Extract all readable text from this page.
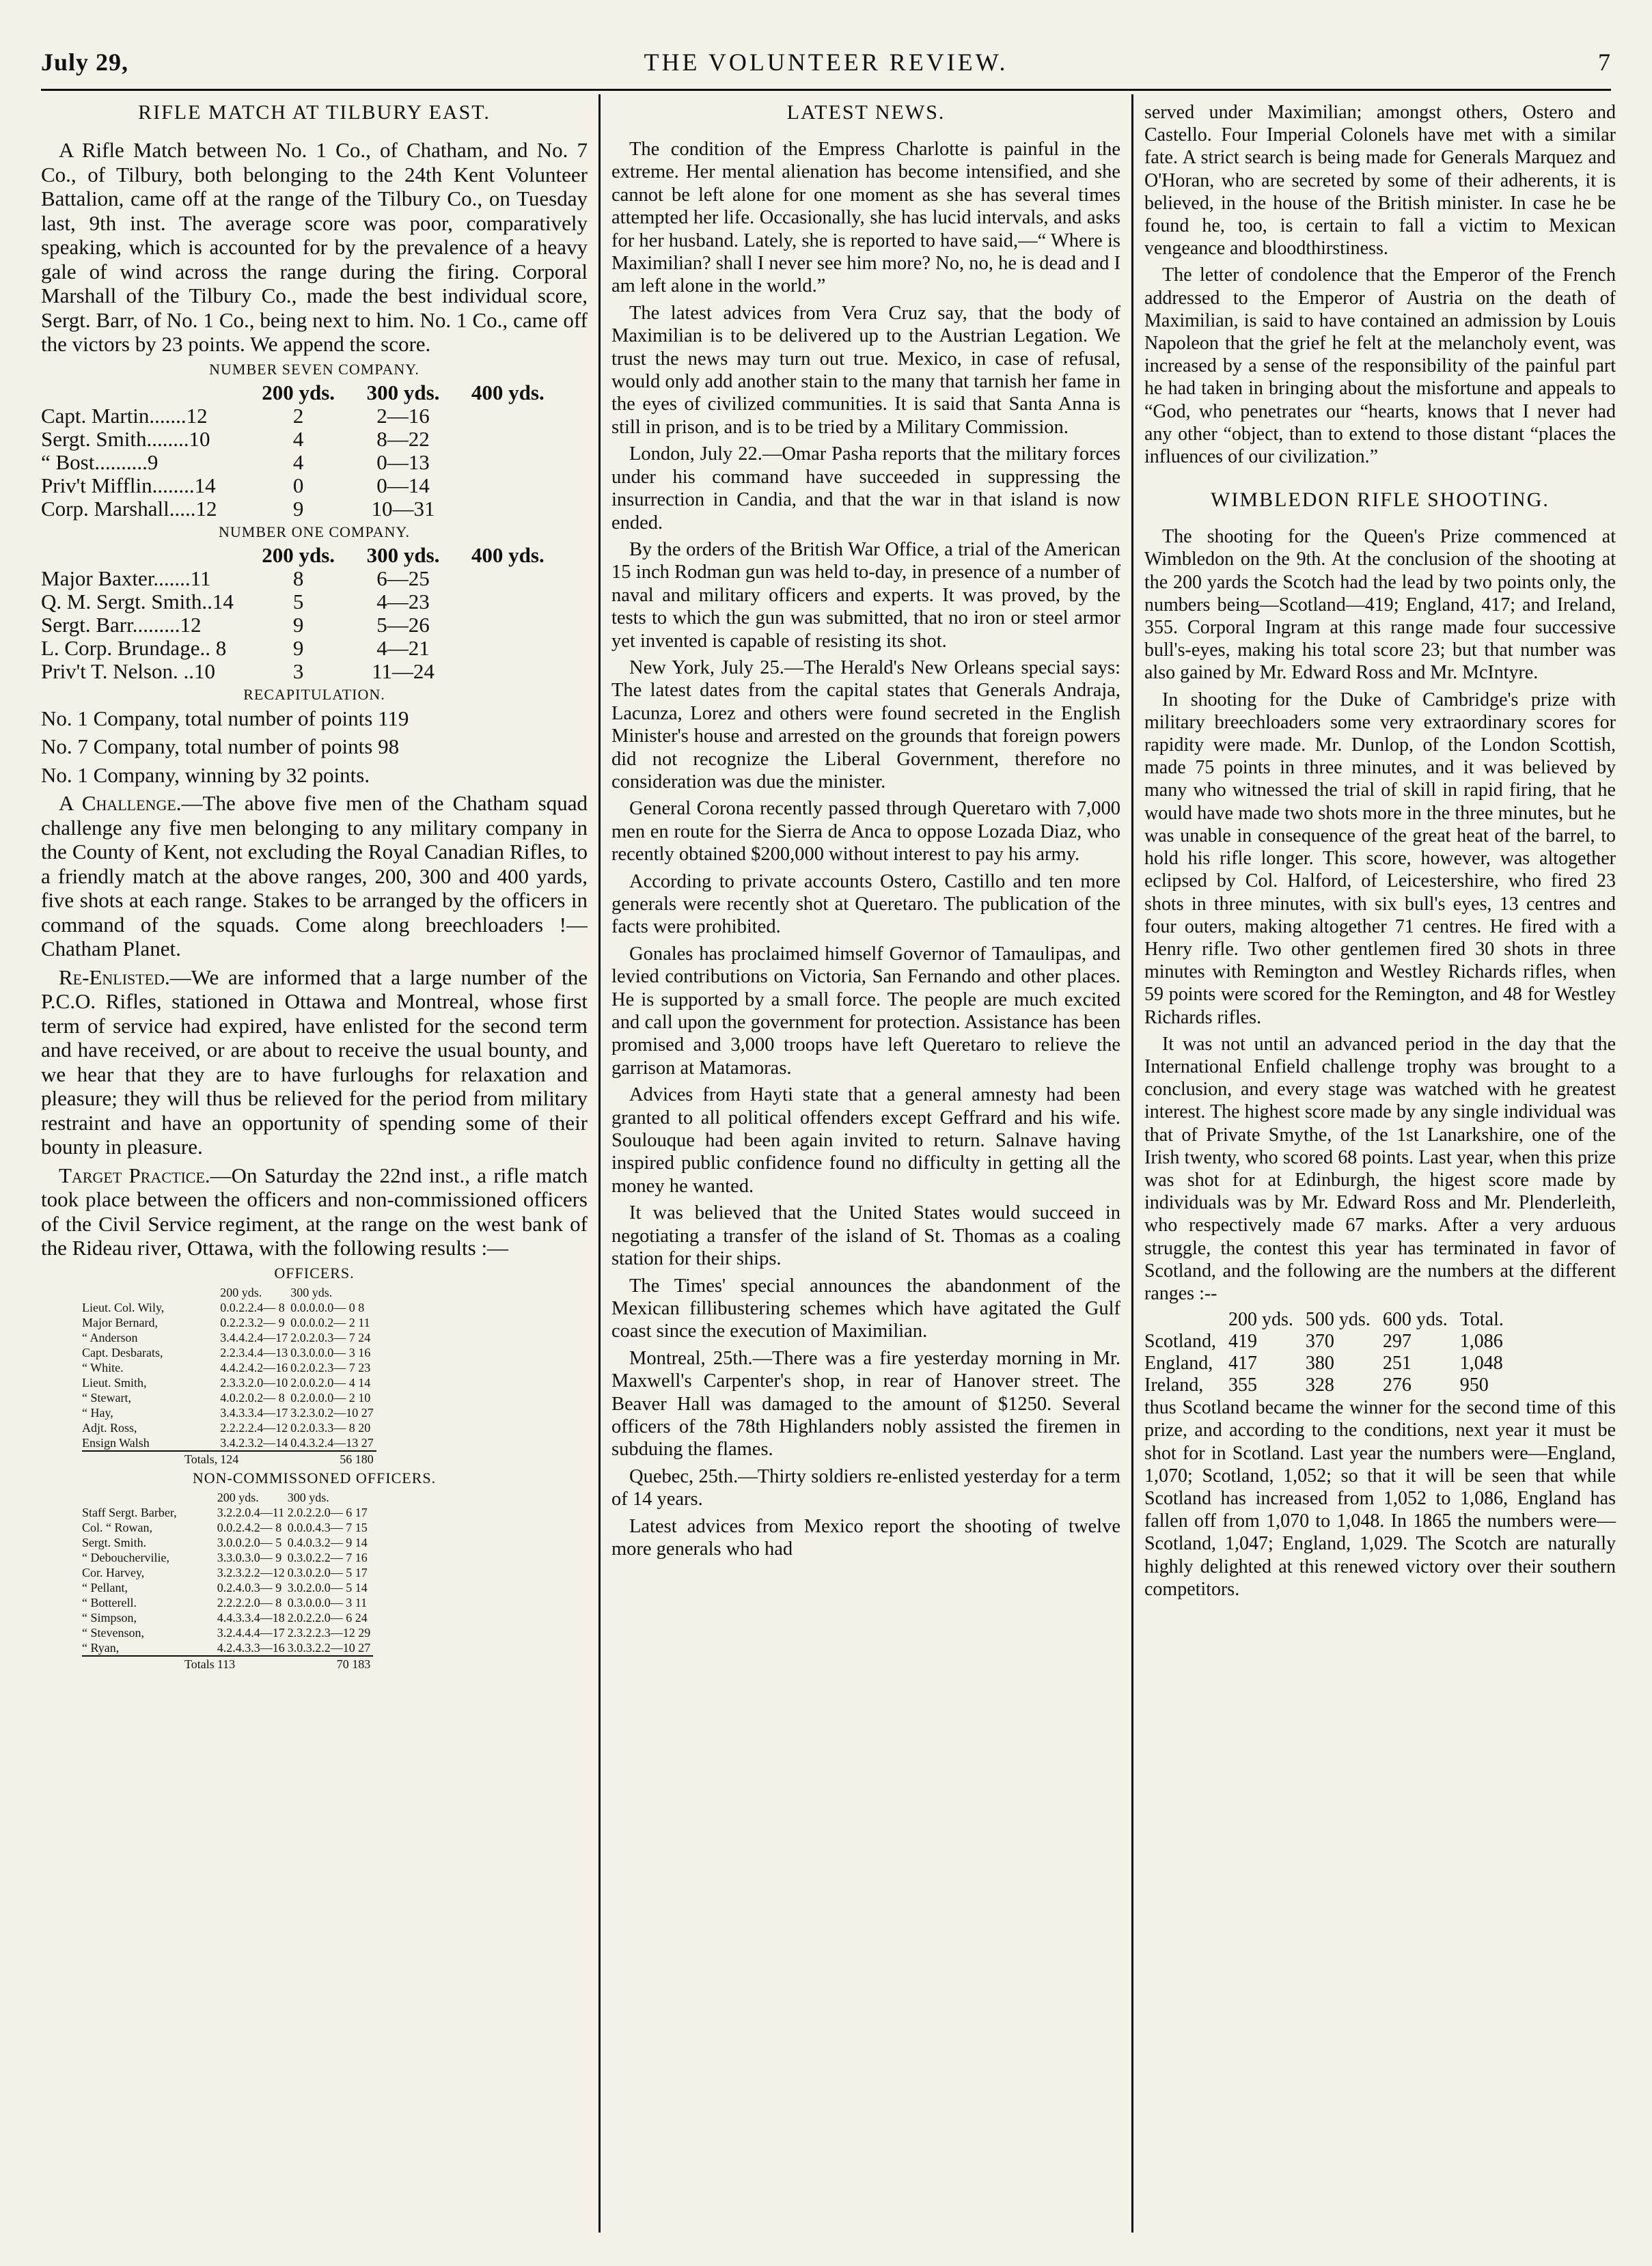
July 29,	THE VOLUNTEER REVIEW.	7
RIFLE MATCH AT TILBURY EAST.

A Rifle Match between No. 1 Co., of Chatham, and No. 7 Co., of Tilbury, both belonging to the 24th Kent Volunteer Battalion, came off at the range of the Tilbury Co., on Tuesday last, 9th inst. The average score was poor, comparatively speaking, which is accounted for by the prevalence of a heavy gale of wind across the range during the firing. Corporal Marshall of the Tilbury Co., made the best individual score, Sergt. Barr, of No. 1 Co., being next to him. No. 1 Co., came off the victors by 23 points. We append the score.

NUMBER SEVEN COMPANY.
	200 yds.	300 yds.	400 yds.
Capt. Martin.......12	2	2—16	
Sergt. Smith........10	4	8—22	
“ Bost..........9	4	0—13	
Priv't Mifflin........14	0	0—14	
Corp. Marshall.....12	9	10—31	
NUMBER ONE COMPANY.
	200 yds.	300 yds.	400 yds.
Major Baxter.......11	8	6—25	
Q. M. Sergt. Smith..14	5	4—23	
Sergt. Barr.........12	9	5—26	
L. Corp. Brundage.. 8	9	4—21	
Priv't T. Nelson. ..10	3	11—24	
RECAPITULATION.

No. 1 Company, total number of points 119

No. 7 Company, total number of points 98

No. 1 Company, winning by 32 points.

A Challenge.—The above five men of the Chatham squad challenge any five men belonging to any military company in the County of Kent, not excluding the Royal Canadian Rifles, to a friendly match at the above ranges, 200, 300 and 400 yards, five shots at each range. Stakes to be arranged by the officers in command of the squads. Come along breechloaders !—Chatham Planet.

Re-Enlisted.—We are informed that a large number of the P.C.O. Rifles, stationed in Ottawa and Montreal, whose first term of service had expired, have enlisted for the second term and have received, or are about to receive the usual bounty, and we hear that they are to have furloughs for relaxation and pleasure; they will thus be relieved for the period from military restraint and have an opportunity of spending some of their bounty in pleasure.

Target Practice.—On Saturday the 22nd inst., a rifle match took place between the officers and non-commissioned officers of the Civil Service regiment, at the range on the west bank of the Rideau river, Ottawa, with the following results :—

OFFICERS.
	200 yds.	300 yds.
Lieut. Col. Wily,	0.0.2.2.4— 8	0.0.0.0.0— 0 8
Major Bernard,	0.2.2.3.2— 9	0.0.0.0.2— 2 11
“ Anderson	3.4.4.2.4—17	2.0.2.0.3— 7 24
Capt. Desbarats,	2.2.3.4.4—13	0.3.0.0.0— 3 16
“ White.	4.4.2.4.2—16	0.2.0.2.3— 7 23
Lieut. Smith,	2.3.3.2.0—10	2.0.0.2.0— 4 14
“ Stewart,	4.0.2.0.2— 8	0.2.0.0.0— 2 10
“ Hay,	3.4.3.3.4—17	3.2.3.0.2—10 27
Adjt. Ross,	2.2.2.2.4—12	0.2.0.3.3— 8 20
Ensign Walsh	3.4.2.3.2—14	0.4.3.2.4—13 27
Totals,	124	56 180
NON-COMMISSONED OFFICERS.
	200 yds.	300 yds.
Staff Sergt. Barber,	3.2.2.0.4—11	2.0.2.2.0— 6 17
Col. “ Rowan,	0.0.2.4.2— 8	0.0.0.4.3— 7 15
Sergt. Smith.	3.0.0.2.0— 5	0.4.0.3.2— 9 14
“ Debouchervilie,	3.3.0.3.0— 9	0.3.0.2.2— 7 16
Cor. Harvey,	3.2.3.2.2—12	0.3.0.2.0— 5 17
“ Pellant,	0.2.4.0.3— 9	3.0.2.0.0— 5 14
“ Botterell.	2.2.2.2.0— 8	0.3.0.0.0— 3 11
“ Simpson,	4.4.3.3.4—18	2.0.2.2.0— 6 24
“ Stevenson,	3.2.4.4.4—17	2.3.2.2.3—12 29
“ Ryan,	4.2.4.3.3—16	3.0.3.2.2—10 27
Totals	113	70 183
LATEST NEWS.

The condition of the Empress Charlotte is painful in the extreme. Her mental alienation has become intensified, and she cannot be left alone for one moment as she has several times attempted her life. Occasionally, she has lucid intervals, and asks for her husband. Lately, she is reported to have said,—“ Where is Maximilian? shall I never see him more? No, no, he is dead and I am left alone in the world.”

The latest advices from Vera Cruz say, that the body of Maximilian is to be delivered up to the Austrian Legation. We trust the news may turn out true. Mexico, in case of refusal, would only add another stain to the many that tarnish her fame in the eyes of civilized communities. It is said that Santa Anna is still in prison, and is to be tried by a Military Commission.

London, July 22.—Omar Pasha reports that the military forces under his command have succeeded in suppressing the insurrection in Candia, and that the war in that island is now ended.

By the orders of the British War Office, a trial of the American 15 inch Rodman gun was held to-day, in presence of a number of naval and military officers and experts. It was proved, by the tests to which the gun was submitted, that no iron or steel armor yet invented is capable of resisting its shot.

New York, July 25.—The Herald's New Orleans special says: The latest dates from the capital states that Generals Andraja, Lacunza, Lorez and others were found secreted in the English Minister's house and arrested on the grounds that foreign powers did not recognize the Liberal Government, therefore no consideration was due the minister.

General Corona recently passed through Queretaro with 7,000 men en route for the Sierra de Anca to oppose Lozada Diaz, who recently obtained $200,000 without interest to pay his army.

According to private accounts Ostero, Castillo and ten more generals were recently shot at Queretaro. The publication of the facts were prohibited.

Gonales has proclaimed himself Governor of Tamaulipas, and levied contributions on Victoria, San Fernando and other places. He is supported by a small force. The people are much excited and call upon the government for protection. Assistance has been promised and 3,000 troops have left Queretaro to relieve the garrison at Matamoras.

Advices from Hayti state that a general amnesty had been granted to all political offenders except Geffrard and his wife. Soulouque had been again invited to return. Salnave having inspired public confidence found no difficulty in getting all the money he wanted.

It was believed that the United States would succeed in negotiating a transfer of the island of St. Thomas as a coaling station for their ships.

The Times' special announces the abandonment of the Mexican fillibustering schemes which have agitated the Gulf coast since the execution of Maximilian.

Montreal, 25th.—There was a fire yesterday morning in Mr. Maxwell's Carpenter's shop, in rear of Hanover street. The Beaver Hall was damaged to the amount of $1250. Several officers of the 78th Highlanders nobly assisted the firemen in subduing the flames.

Quebec, 25th.—Thirty soldiers re-enlisted yesterday for a term of 14 years.

Latest advices from Mexico report the shooting of twelve more generals who had

served under Maximilian; amongst others, Ostero and Castello. Four Imperial Colonels have met with a similar fate. A strict search is being made for Generals Marquez and O'Horan, who are secreted by some of their adherents, it is believed, in the house of the British minister. In case he be found he, too, is certain to fall a victim to Mexican vengeance and bloodthirstiness.

The letter of condolence that the Emperor of the French addressed to the Emperor of Austria on the death of Maximilian, is said to have contained an admission by Louis Napoleon that the grief he felt at the melancholy event, was increased by a sense of the responsibility of the painful part he had taken in bringing about the misfortune and appeals to “God, who penetrates our “hearts, knows that I never had any other “object, than to extend to those distant “places the influences of our civilization.”

WIMBLEDON RIFLE SHOOTING.

The shooting for the Queen's Prize commenced at Wimbledon on the 9th. At the conclusion of the shooting at the 200 yards the Scotch had the lead by two points only, the numbers being—Scotland—419; England, 417; and Ireland, 355. Corporal Ingram at this range made four successive bull's-eyes, making his total score 23; but that number was also gained by Mr. Edward Ross and Mr. McIntyre.

In shooting for the Duke of Cambridge's prize with military breechloaders some very extraordinary scores for rapidity were made. Mr. Dunlop, of the London Scottish, made 75 points in three minutes, and it was believed by many who witnessed the trial of skill in rapid firing, that he would have made two shots more in the three minutes, but he was unable in consequence of the great heat of the barrel, to hold his rifle longer. This score, however, was altogether eclipsed by Col. Halford, of Leicestershire, who fired 23 shots in three minutes, with six bull's eyes, 13 centres and four outers, making altogether 71 centres. He fired with a Henry rifle. Two other gentlemen fired 30 shots in three minutes with Remington and Westley Richards rifles, when 59 points were scored for the Remington, and 48 for Westley Richards rifles.

It was not until an advanced period in the day that the International Enfield challenge trophy was brought to a conclusion, and every stage was watched with he greatest interest. The highest score made by any single individual was that of Private Smythe, of the 1st Lanarkshire, one of the Irish twenty, who scored 68 points. Last year, when this prize was shot for at Edinburgh, the higest score made by individuals was by Mr. Edward Ross and Mr. Plenderleith, who respectively made 67 marks. After a very arduous struggle, the contest this year has terminated in favor of Scotland, and the following are the numbers at the different ranges :--

	200 yds.	500 yds.	600 yds.	Total.
Scotland,	419	370	297	1,086
England,	417	380	251	1,048
Ireland,	355	328	276	950

thus Scotland became the winner for the second time of this prize, and according to the conditions, next year it must be shot for in Scotland. Last year the numbers were—England, 1,070; Scotland, 1,052; so that it will be seen that while Scotland has increased from 1,052 to 1,086, England has fallen off from 1,070 to 1,048. In 1865 the numbers were—Scotland, 1,047; England, 1,029. The Scotch are naturally highly delighted at this renewed victory over their southern competitors.
